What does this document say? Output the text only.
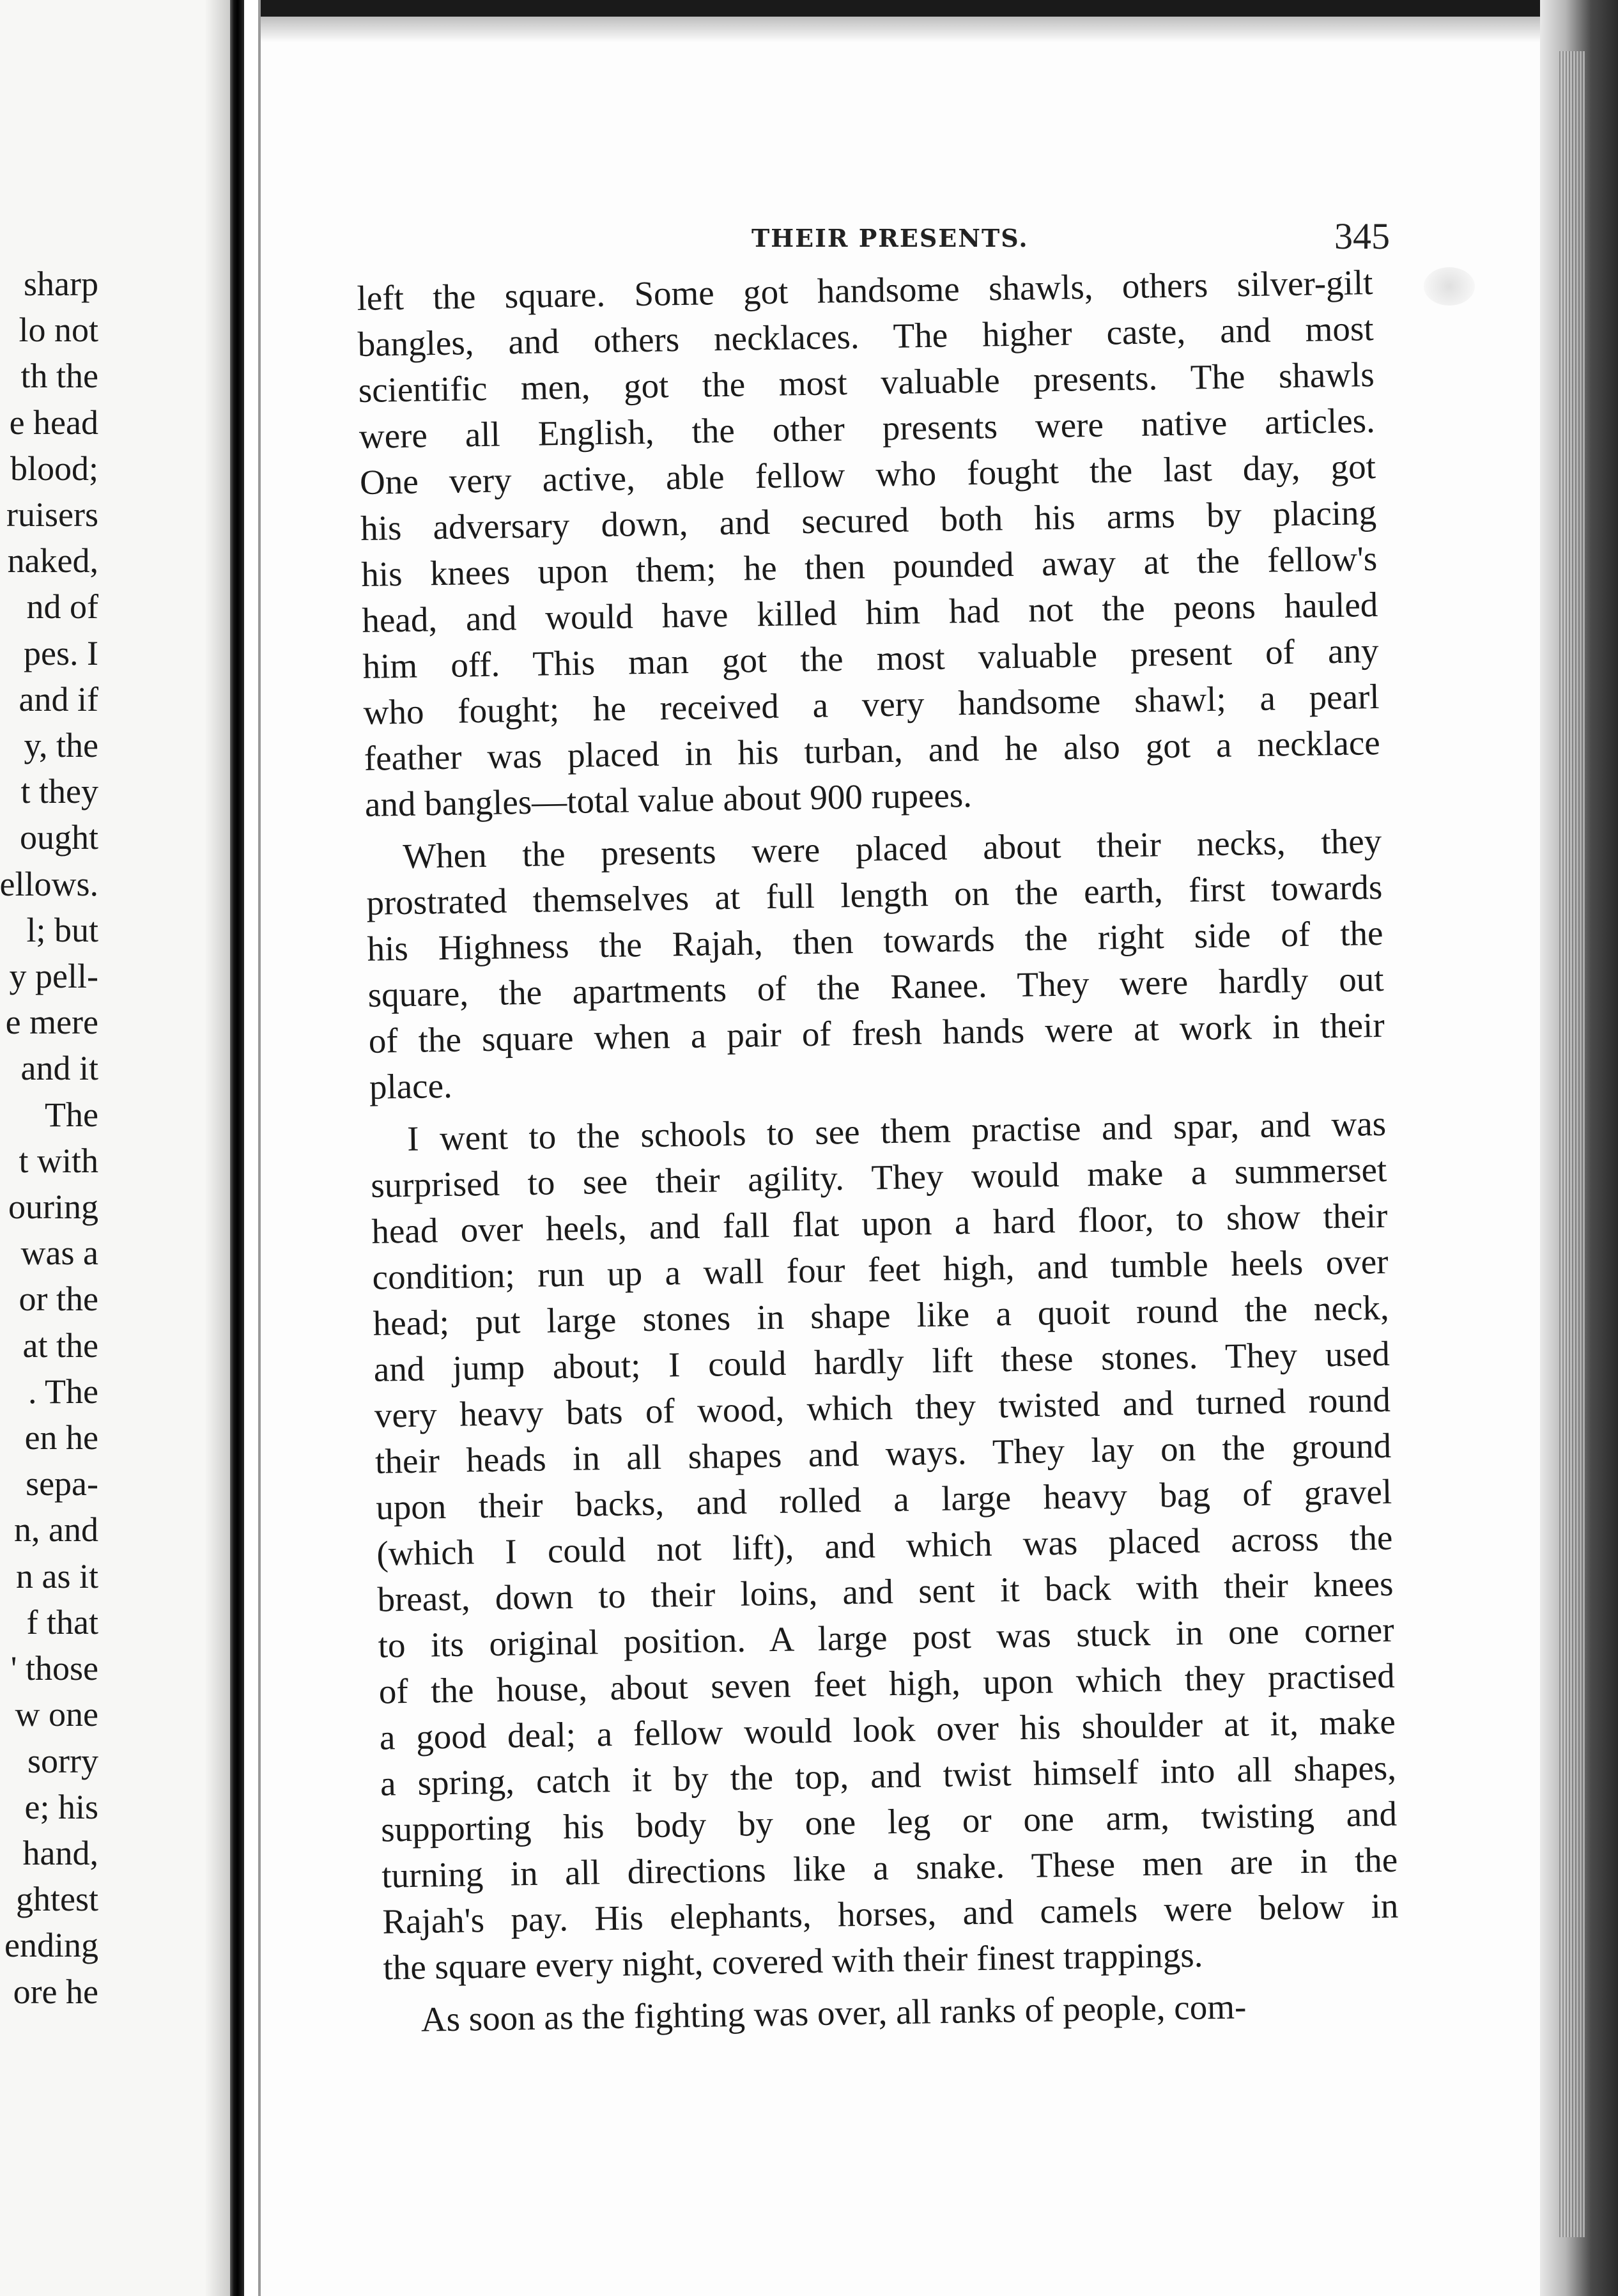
sharp
lo not
th the
e head
blood;
ruisers
naked,
nd of
pes. I
and if
y, the
t they
ought
ellows.
l; but
y pell-
e mere
and it
The
t with
ouring
was a
or the
at the
. The
en he
sepa-
n, and
n as it
f that
' those
w one
sorry
e; his
hand,
ghtest
ending
ore he
THEIR PRESENTS.	345
left the square. Some got handsome shawls, others silver-gilt
bangles, and others necklaces. The higher caste, and most
scientific men, got the most valuable presents. The shawls
were all English, the other presents were native articles.
One very active, able fellow who fought the last day, got
his adversary down, and secured both his arms by placing
his knees upon them; he then pounded away at the fellow's
head, and would have killed him had not the peons hauled
him off. This man got the most valuable present of any
who fought; he received a very handsome shawl; a pearl
feather was placed in his turban, and he also got a necklace
and bangles—total value about 900 rupees.
When the presents were placed about their necks, they
prostrated themselves at full length on the earth, first towards
his Highness the Rajah, then towards the right side of the
square, the apartments of the Ranee. They were hardly out
of the square when a pair of fresh hands were at work in their
place.
I went to the schools to see them practise and spar, and was
surprised to see their agility. They would make a summerset
head over heels, and fall flat upon a hard floor, to show their
condition; run up a wall four feet high, and tumble heels over
head; put large stones in shape like a quoit round the neck,
and jump about; I could hardly lift these stones. They used
very heavy bats of wood, which they twisted and turned round
their heads in all shapes and ways. They lay on the ground
upon their backs, and rolled a large heavy bag of gravel
(which I could not lift), and which was placed across the
breast, down to their loins, and sent it back with their knees
to its original position. A large post was stuck in one corner
of the house, about seven feet high, upon which they practised
a good deal; a fellow would look over his shoulder at it, make
a spring, catch it by the top, and twist himself into all shapes,
supporting his body by one leg or one arm, twisting and
turning in all directions like a snake. These men are in the
Rajah's pay. His elephants, horses, and camels were below in
the square every night, covered with their finest trappings.
As soon as the fighting was over, all ranks of people, com-
